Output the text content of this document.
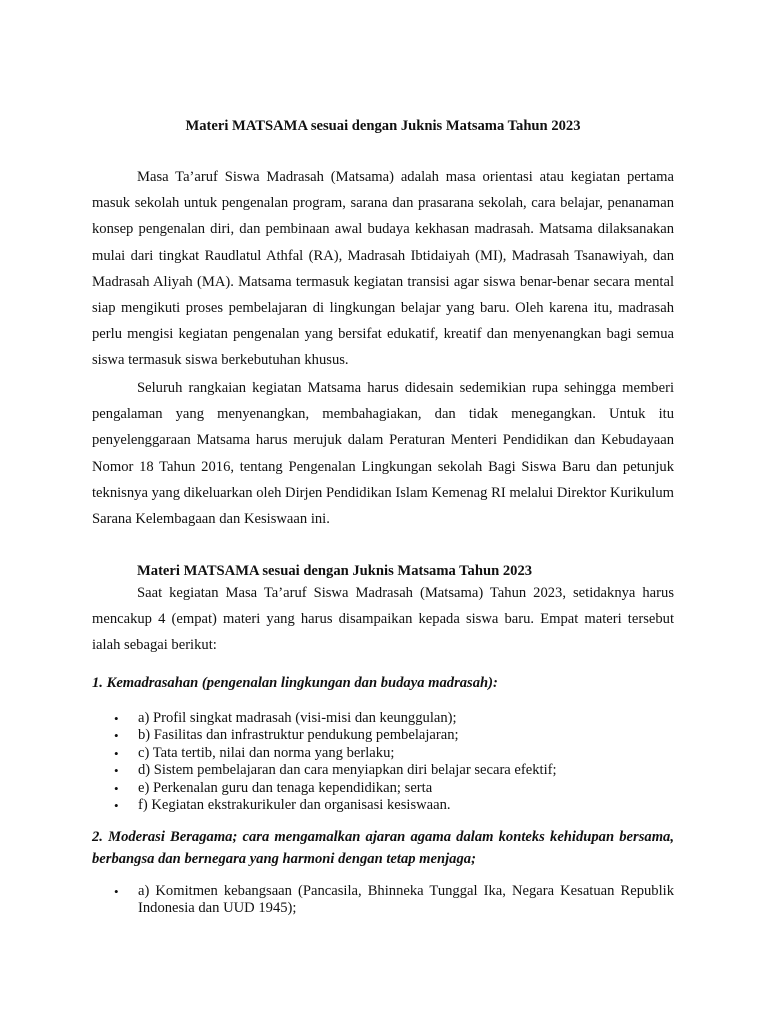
Materi MATSAMA sesuai dengan Juknis Matsama Tahun 2023

Masa Ta’aruf Siswa Madrasah (Matsama) adalah masa orientasi atau kegiatan pertama masuk sekolah untuk pengenalan program, sarana dan prasarana sekolah, cara belajar, penanaman konsep pengenalan diri, dan pembinaan awal budaya kekhasan madrasah. Matsama dilaksanakan mulai dari tingkat Raudlatul Athfal (RA), Madrasah Ibtidaiyah (MI), Madrasah Tsanawiyah, dan Madrasah Aliyah (MA). Matsama termasuk kegiatan transisi agar siswa benar-benar secara mental siap mengikuti proses pembelajaran di lingkungan belajar yang baru. Oleh karena itu, madrasah perlu mengisi kegiatan pengenalan yang bersifat edukatif, kreatif dan menyenangkan bagi semua siswa termasuk siswa berkebutuhan khusus.

Seluruh rangkaian kegiatan Matsama harus didesain sedemikian rupa sehingga memberi pengalaman yang menyenangkan, membahagiakan, dan tidak menegangkan. Untuk itu penyelenggaraan Matsama harus merujuk dalam Peraturan Menteri Pendidikan dan Kebudayaan Nomor 18 Tahun 2016, tentang Pengenalan Lingkungan sekolah Bagi Siswa Baru dan petunjuk teknisnya yang dikeluarkan oleh Dirjen Pendidikan Islam Kemenag RI melalui Direktor Kurikulum Sarana Kelembagaan dan Kesiswaan ini.

Materi MATSAMA sesuai dengan Juknis Matsama Tahun 2023

Saat kegiatan Masa Ta’aruf Siswa Madrasah (Matsama) Tahun 2023, setidaknya harus mencakup 4 (empat) materi yang harus disampaikan kepada siswa baru. Empat materi tersebut ialah sebagai berikut:

1. Kemadrasahan (pengenalan lingkungan dan budaya madrasah):

• a) Profil singkat madrasah (visi-misi dan keunggulan);
• b) Fasilitas dan infrastruktur pendukung pembelajaran;
• c) Tata tertib, nilai dan norma yang berlaku;
• d) Sistem pembelajaran dan cara menyiapkan diri belajar secara efektif;
• e) Perkenalan guru dan tenaga kependidikan; serta
• f) Kegiatan ekstrakurikuler dan organisasi kesiswaan.

2. Moderasi Beragama; cara mengamalkan ajaran agama dalam konteks kehidupan bersama, berbangsa dan bernegara yang harmoni dengan tetap menjaga;

• a) Komitmen kebangsaan (Pancasila, Bhinneka Tunggal Ika, Negara Kesatuan Republik Indonesia dan UUD 1945);
